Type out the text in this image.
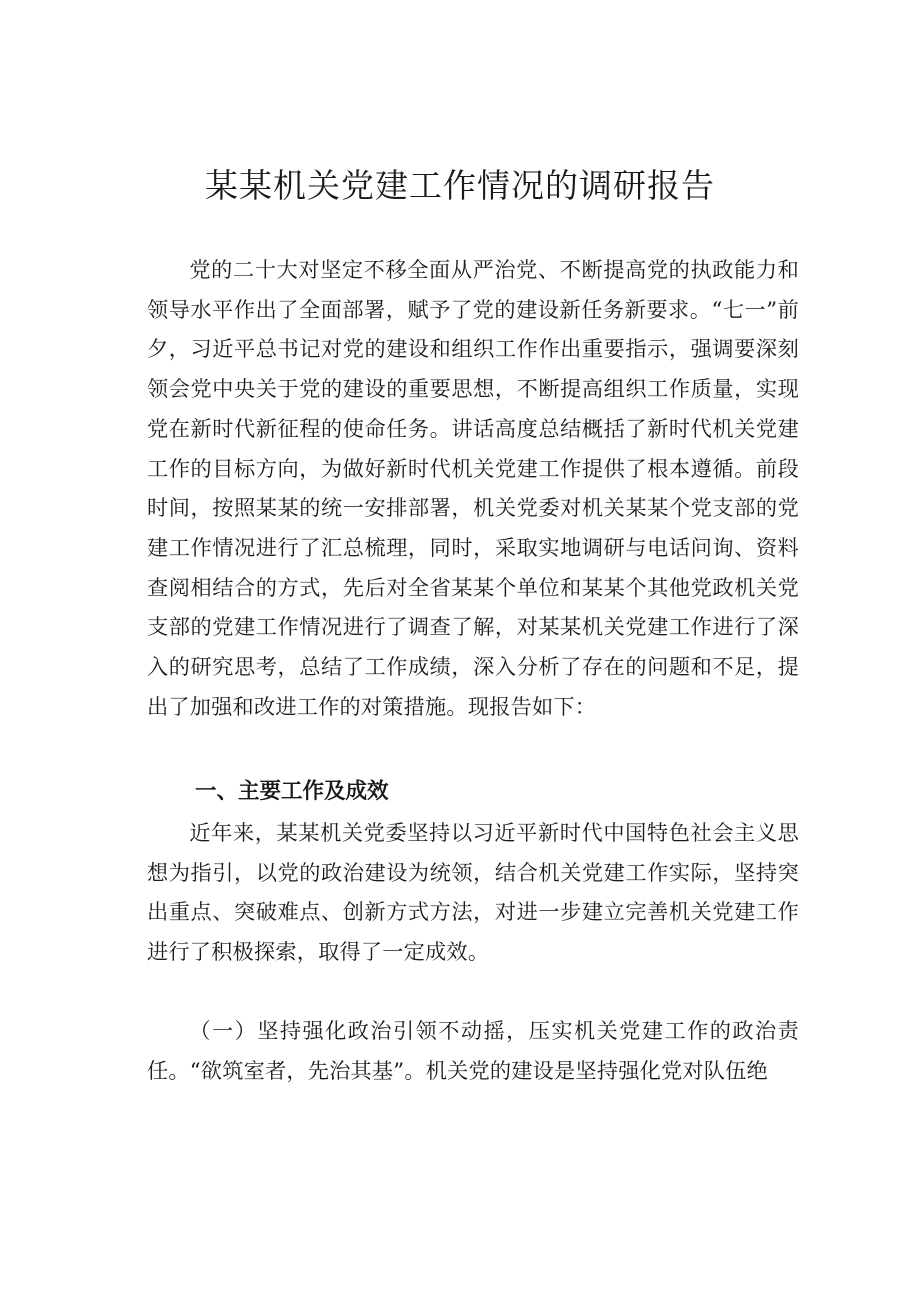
某某机关党建工作情况的调研报告

党的二十大对坚定不移全面从严治党、不断提高党的执政能力和领导水平作出了全面部署，赋予了党的建设新任务新要求。“七一”前夕，习近平总书记对党的建设和组织工作作出重要指示，强调要深刻领会党中央关于党的建设的重要思想，不断提高组织工作质量，实现党在新时代新征程的使命任务。讲话高度总结概括了新时代机关党建工作的目标方向，为做好新时代机关党建工作提供了根本遵循。前段时间，按照某某的统一安排部署，机关党委对机关某某个党支部的党建工作情况进行了汇总梳理，同时，采取实地调研与电话问询、资料查阅相结合的方式，先后对全省某某个单位和某某个其他党政机关党支部的党建工作情况进行了调查了解，对某某机关党建工作进行了深入的研究思考，总结了工作成绩，深入分析了存在的问题和不足，提出了加强和改进工作的对策措施。现报告如下：

一、主要工作及成效

近年来，某某机关党委坚持以习近平新时代中国特色社会主义思想为指引，以党的政治建设为统领，结合机关党建工作实际，坚持突出重点、突破难点、创新方式方法，对进一步建立完善机关党建工作进行了积极探索，取得了一定成效。

（一）坚持强化政治引领不动摇，压实机关党建工作的政治责任。“欲筑室者，先治其基”。机关党的建设是坚持强化党对队伍绝
